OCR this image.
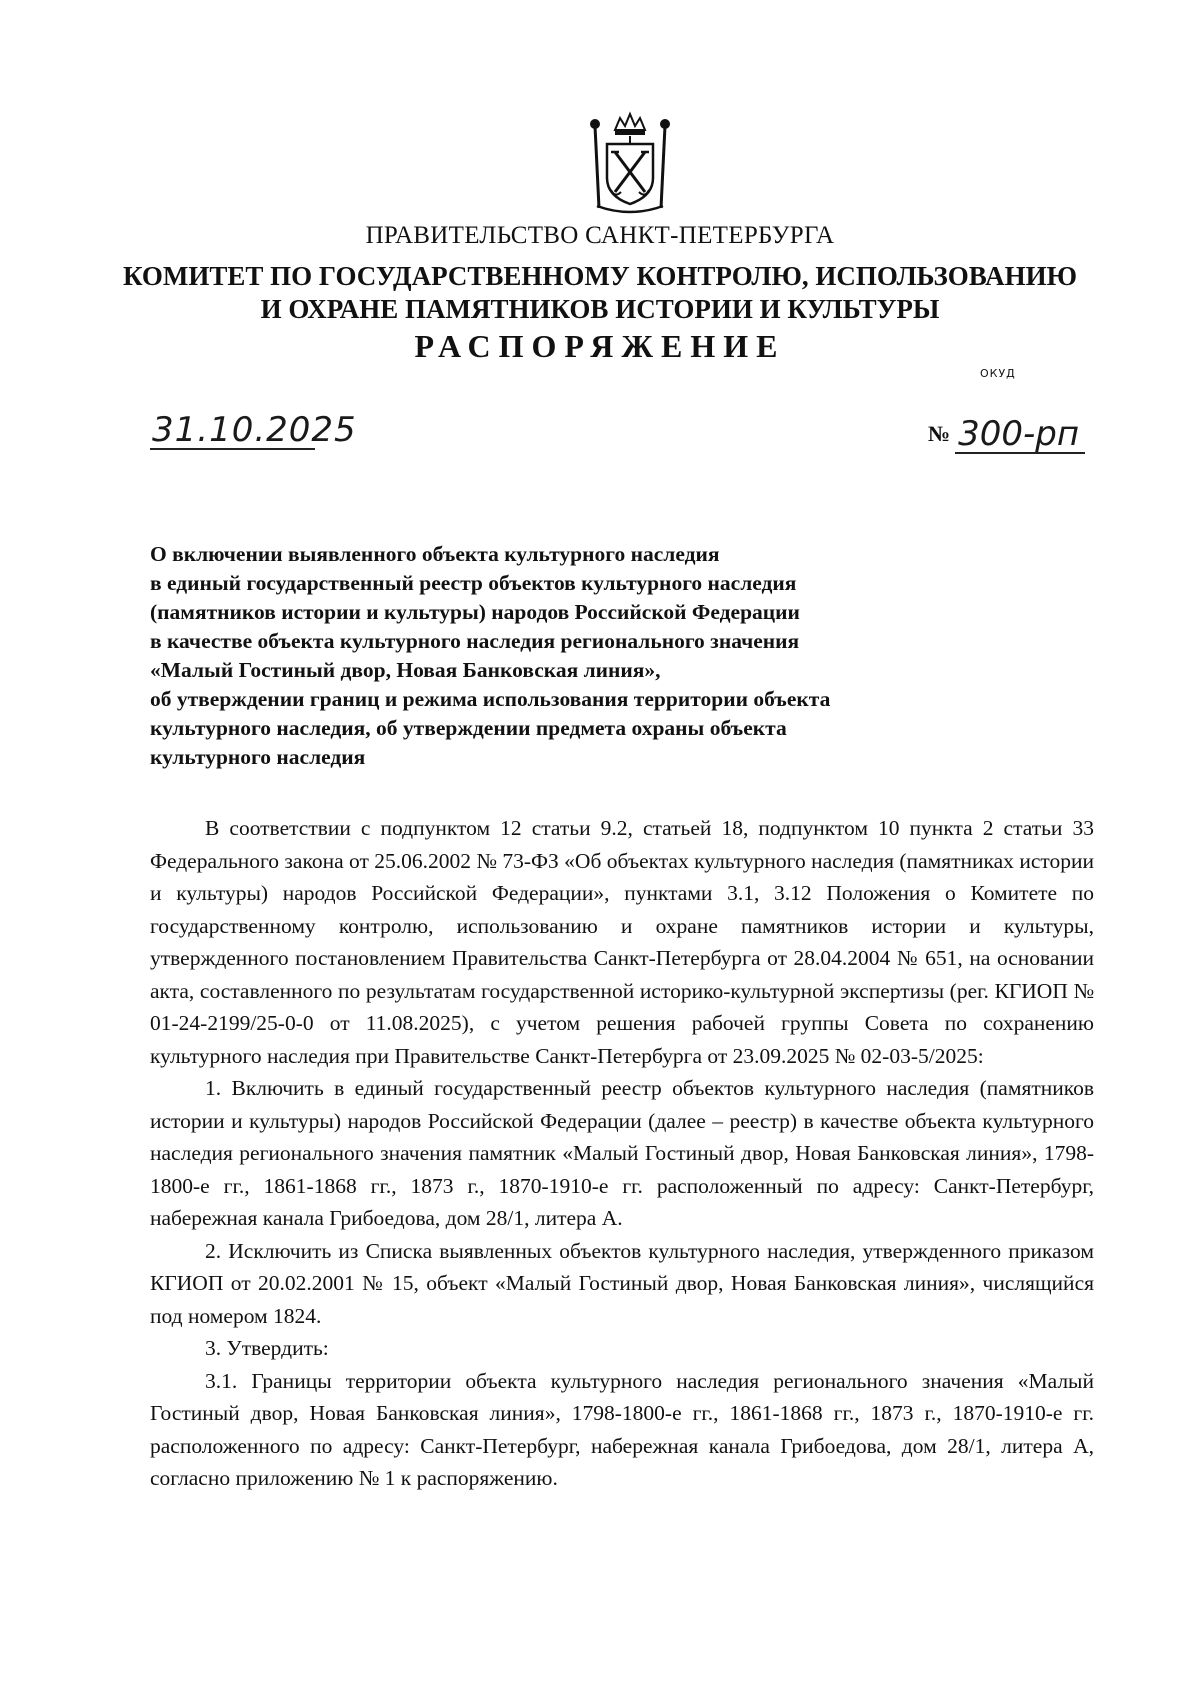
ПРАВИТЕЛЬСТВО САНКТ-ПЕТЕРБУРГА
КОМИТЕТ ПО ГОСУДАРСТВЕННОМУ КОНТРОЛЮ, ИСПОЛЬЗОВАНИЮ
И ОХРАНЕ ПАМЯТНИКОВ ИСТОРИИ И КУЛЬТУРЫ
РАСПОРЯЖЕНИЕ
ОКУД
31.10.2025	№ 300-рп
О включении выявленного объекта культурного наследия
в единый государственный реестр объектов культурного наследия
(памятников истории и культуры) народов Российской Федерации
в качестве объекта культурного наследия регионального значения
«Малый Гостиный двор, Новая Банковская линия»,
об утверждении границ и режима использования территории объекта
культурного наследия, об утверждении предмета охраны объекта
культурного наследия

В соответствии с подпунктом 12 статьи 9.2, статьей 18, подпунктом 10 пункта 2 статьи 33 Федерального закона от 25.06.2002 № 73-ФЗ «Об объектах культурного наследия (памятниках истории и культуры) народов Российской Федерации», пунктами 3.1, 3.12 Положения о Комитете по государственному контролю, использованию и охране памятников истории и культуры, утвержденного постановлением Правительства Санкт-Петербурга от 28.04.2004 № 651, на основании акта, составленного по результатам государственной историко-культурной экспертизы (рег. КГИОП № 01-24-2199/25-0-0 от 11.08.2025), с учетом решения рабочей группы Совета по сохранению культурного наследия при Правительстве Санкт-Петербурга от 23.09.2025 № 02-03-5/2025:

1. Включить в единый государственный реестр объектов культурного наследия (памятников истории и культуры) народов Российской Федерации (далее – реестр) в качестве объекта культурного наследия регионального значения памятник «Малый Гостиный двор, Новая Банковская линия», 1798-1800-е гг., 1861-1868 гг., 1873 г., 1870-1910-е гг. расположенный по адресу: Санкт-Петербург, набережная канала Грибоедова, дом 28/1, литера А.

2. Исключить из Списка выявленных объектов культурного наследия, утвержденного приказом КГИОП от 20.02.2001 № 15, объект «Малый Гостиный двор, Новая Банковская линия», числящийся под номером 1824.

3. Утвердить:

3.1. Границы территории объекта культурного наследия регионального значения «Малый Гостиный двор, Новая Банковская линия», 1798-1800-е гг., 1861-1868 гг., 1873 г., 1870-1910-е гг. расположенного по адресу: Санкт-Петербург, набережная канала Грибоедова, дом 28/1, литера А, согласно приложению № 1 к распоряжению.
